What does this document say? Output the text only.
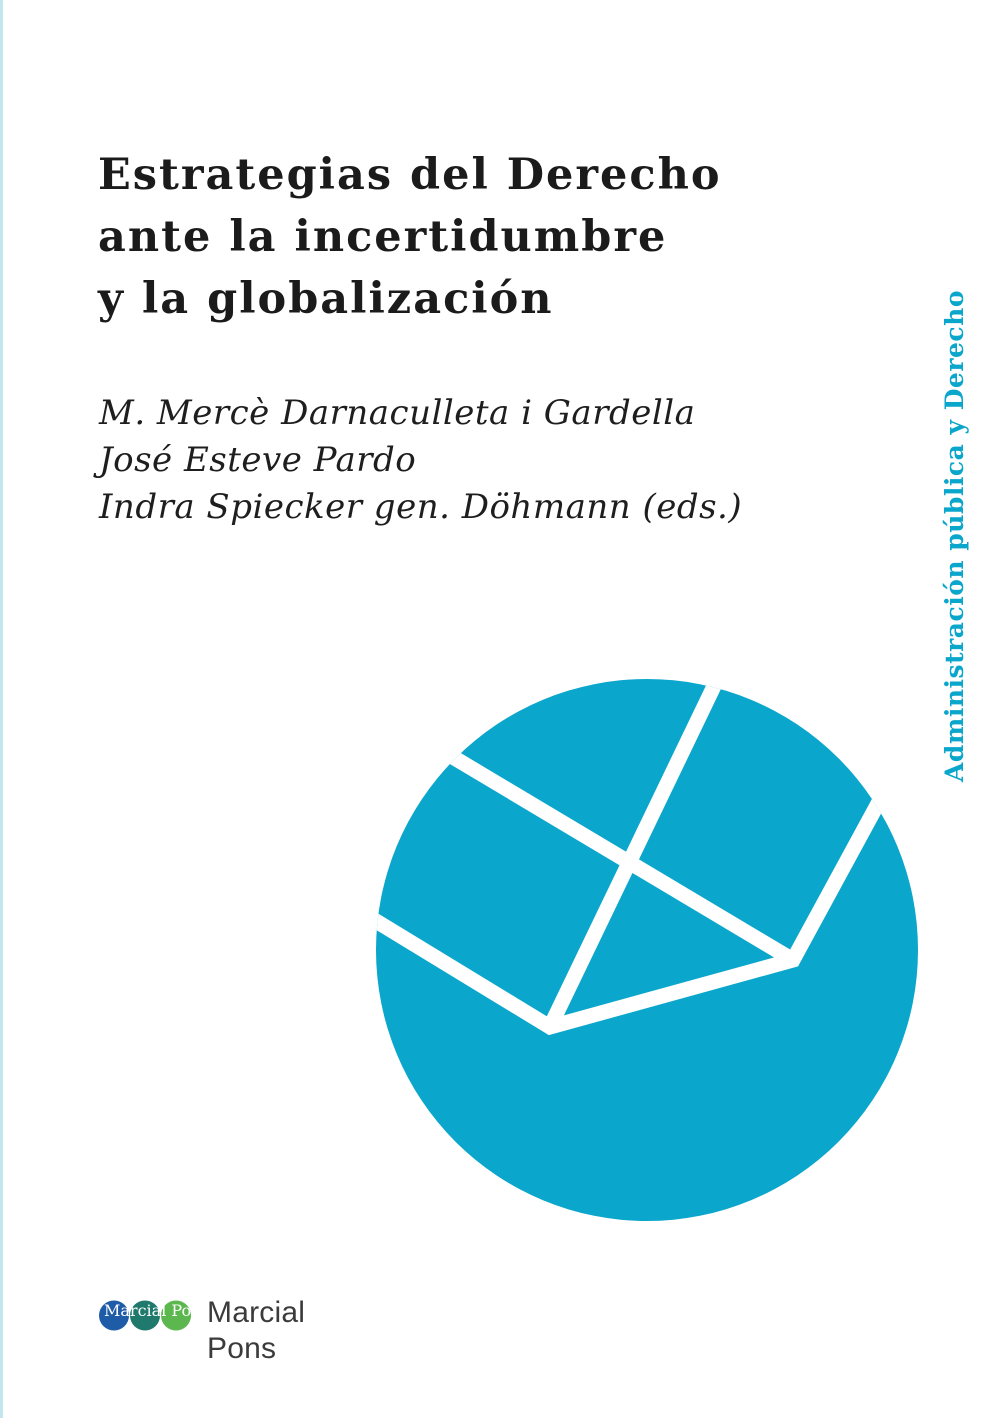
Estrategias del Derecho
ante la incertidumbre
y la globalización
M. Mercè Darnaculleta i Gardella
José Esteve Pardo
Indra Spiecker gen. Döhmann (eds.)	Administración pública y Derecho
Marcial Pons
Marcial
Pons
